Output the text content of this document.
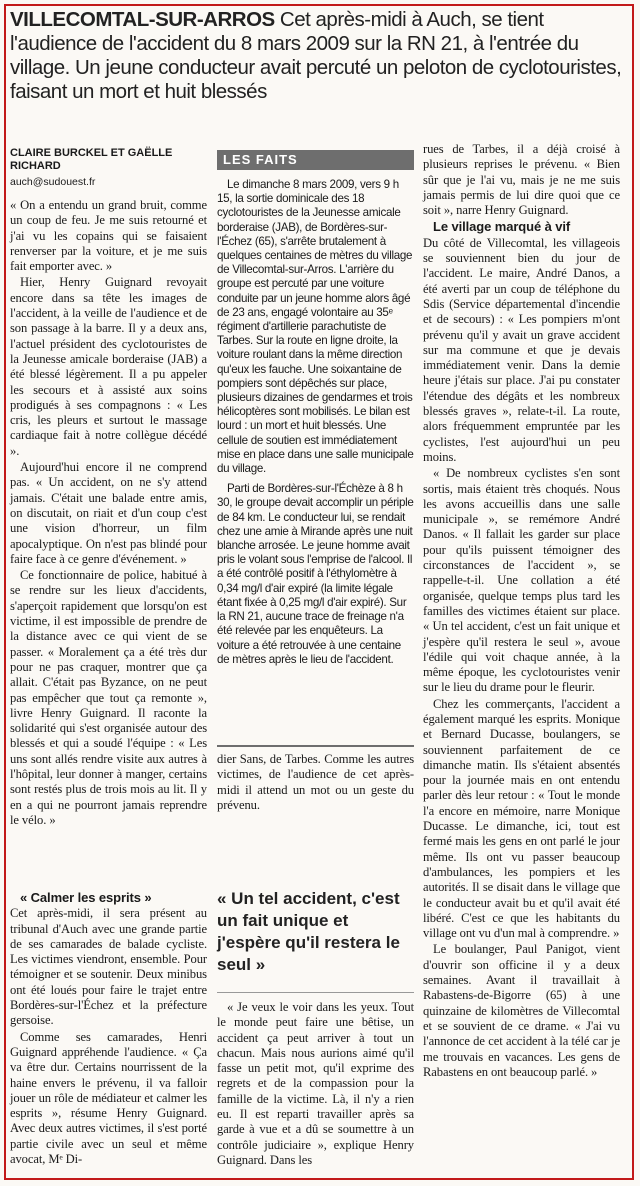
VILLECOMTAL-SUR-ARROS Cet après-midi à Auch, se tient l'audience de l'accident du 8 mars 2009 sur la RN 21, à l'entrée du village. Un jeune conducteur avait percuté un peloton de cyclotouristes, faisant un mort et huit blessés
CLAIRE BURCKEL ET GAËLLE RICHARD
auch@sudouest.fr

« On a entendu un grand bruit, comme un coup de feu. Je me suis retourné et j'ai vu les copains qui se faisaient renverser par la voiture, et je me suis fait emporter avec. »

Hier, Henry Guignard revoyait encore dans sa tête les images de l'accident, à la veille de l'audience et de son passage à la barre. Il y a deux ans, l'actuel président des cyclotouristes de la Jeunesse amicale borderaise (JAB) a été blessé légèrement. Il a pu appeler les secours et à assisté aux soins prodigués à ses compagnons : « Les cris, les pleurs et surtout le massage cardiaque fait à notre collègue décédé ».

Aujourd'hui encore il ne comprend pas. « Un accident, on ne s'y attend jamais. C'était une balade entre amis, on discutait, on riait et d'un coup c'est une vision d'horreur, un film apocalyptique. On n'est pas blindé pour faire face à ce genre d'événement. »

Ce fonctionnaire de police, habitué à se rendre sur les lieux d'accidents, s'aperçoit rapidement que lorsqu'on est victime, il est impossible de prendre de la distance avec ce qui vient de se passer. « Moralement ça a été très dur pour ne pas craquer, montrer que ça allait. C'était pas Byzance, on ne peut pas empêcher que tout ça remonte », livre Henry Guignard. Il raconte la solidarité qui s'est organisée autour des blessés et qui a soudé l'équipe : « Les uns sont allés rendre visite aux autres à l'hôpital, leur donner à manger, certains sont restés plus de trois mois au lit. Il y en a qui ne pourront jamais reprendre le vélo. »

« Calmer les esprits »

Cet après-midi, il sera présent au tribunal d'Auch avec une grande partie de ses camarades de balade cycliste. Les victimes viendront, ensemble. Pour témoigner et se soutenir. Deux minibus ont été loués pour faire le trajet entre Bordères-sur-l'Échez et la préfecture gersoise.

Comme ses camarades, Henri Guignard appréhende l'audience. « Ça va être dur. Certains nourrissent de la haine envers le prévenu, il va falloir jouer un rôle de médiateur et calmer les esprits », résume Henry Guignard. Avec deux autres victimes, il s'est porté partie civile avec un seul et même avocat, Mᵉ Di-

LES FAITS

Le dimanche 8 mars 2009, vers 9 h 15, la sortie dominicale des 18 cyclotouristes de la Jeunesse amicale borderaise (JAB), de Bordères-sur-l'Échez (65), s'arrête brutalement à quelques centaines de mètres du village de Villecomtal-sur-Arros. L'arrière du groupe est percuté par une voiture conduite par un jeune homme alors âgé de 23 ans, engagé volontaire au 35ᵉ régiment d'artillerie parachutiste de Tarbes. Sur la route en ligne droite, la voiture roulant dans la même direction qu'eux les fauche. Une soixantaine de pompiers sont dépêchés sur place, plusieurs dizaines de gendarmes et trois hélicoptères sont mobilisés. Le bilan est lourd : un mort et huit blessés. Une cellule de soutien est immédiatement mise en place dans une salle municipale du village.

Parti de Bordères-sur-l'Échèze à 8 h 30, le groupe devait accomplir un périple de 84 km. Le conducteur lui, se rendait chez une amie à Mirande après une nuit blanche arrosée. Le jeune homme avait pris le volant sous l'emprise de l'alcool. Il a été contrôlé positif à l'éthylomètre à 0,34 mg/l d'air expiré (la limite légale étant fixée à 0,25 mg/l d'air expiré). Sur la RN 21, aucune trace de freinage n'a été relevée par les enquêteurs. La voiture a été retrouvée à une centaine de mètres après le lieu de l'accident.

dier Sans, de Tarbes. Comme les autres victimes, de l'audience de cet après-midi il attend un mot ou un geste du prévenu.

« Un tel accident, c'est un fait unique et j'espère qu'il restera le seul »

« Je veux le voir dans les yeux. Tout le monde peut faire une bêtise, un accident ça peut arriver à tout un chacun. Mais nous aurions aimé qu'il fasse un petit mot, qu'il exprime des regrets et de la compassion pour la famille de la victime. Là, il n'y a rien eu. Il est reparti travailler après sa garde à vue et a dû se soumettre à un contrôle judiciaire », explique Henry Guignard. Dans les

rues de Tarbes, il a déjà croisé à plusieurs reprises le prévenu. « Bien sûr que je l'ai vu, mais je ne me suis jamais permis de lui dire quoi que ce soit », narre Henry Guignard.

Le village marqué à vif

Du côté de Villecomtal, les villageois se souviennent bien du jour de l'accident. Le maire, André Danos, a été averti par un coup de téléphone du Sdis (Service départemental d'incendie et de secours) : « Les pompiers m'ont prévenu qu'il y avait un grave accident sur ma commune et que je devais immédiatement venir. Dans la demie heure j'étais sur place. J'ai pu constater l'étendue des dégâts et les nombreux blessés graves », relate-t-il. La route, alors fréquemment empruntée par les cyclistes, l'est aujourd'hui un peu moins.

« De nombreux cyclistes s'en sont sortis, mais étaient très choqués. Nous les avons accueillis dans une salle municipale », se remémore André Danos. « Il fallait les garder sur place pour qu'ils puissent témoigner des circonstances de l'accident », se rappelle-t-il. Une collation a été organisée, quelque temps plus tard les familles des victimes étaient sur place. « Un tel accident, c'est un fait unique et j'espère qu'il restera le seul », avoue l'édile qui voit chaque année, à la même époque, les cyclotouristes venir sur le lieu du drame pour le fleurir.

Chez les commerçants, l'accident a également marqué les esprits. Monique et Bernard Ducasse, boulangers, se souviennent parfaitement de ce dimanche matin. Ils s'étaient absentés pour la journée mais en ont entendu parler dès leur retour : « Tout le monde l'a encore en mémoire, narre Monique Ducasse. Le dimanche, ici, tout est fermé mais les gens en ont parlé le jour même. Ils ont vu passer beaucoup d'ambulances, les pompiers et les autorités. Il se disait dans le village que le conducteur avait bu et qu'il avait été libéré. C'est ce que les habitants du village ont vu d'un mal à comprendre. »

Le boulanger, Paul Panigot, vient d'ouvrir son officine il y a deux semaines. Avant il travaillait à Rabastens-de-Bigorre (65) à une quinzaine de kilomètres de Villecomtal et se souvient de ce drame. « J'ai vu l'annonce de cet accident à la télé car je me trouvais en vacances. Les gens de Rabastens en ont beaucoup parlé. »
